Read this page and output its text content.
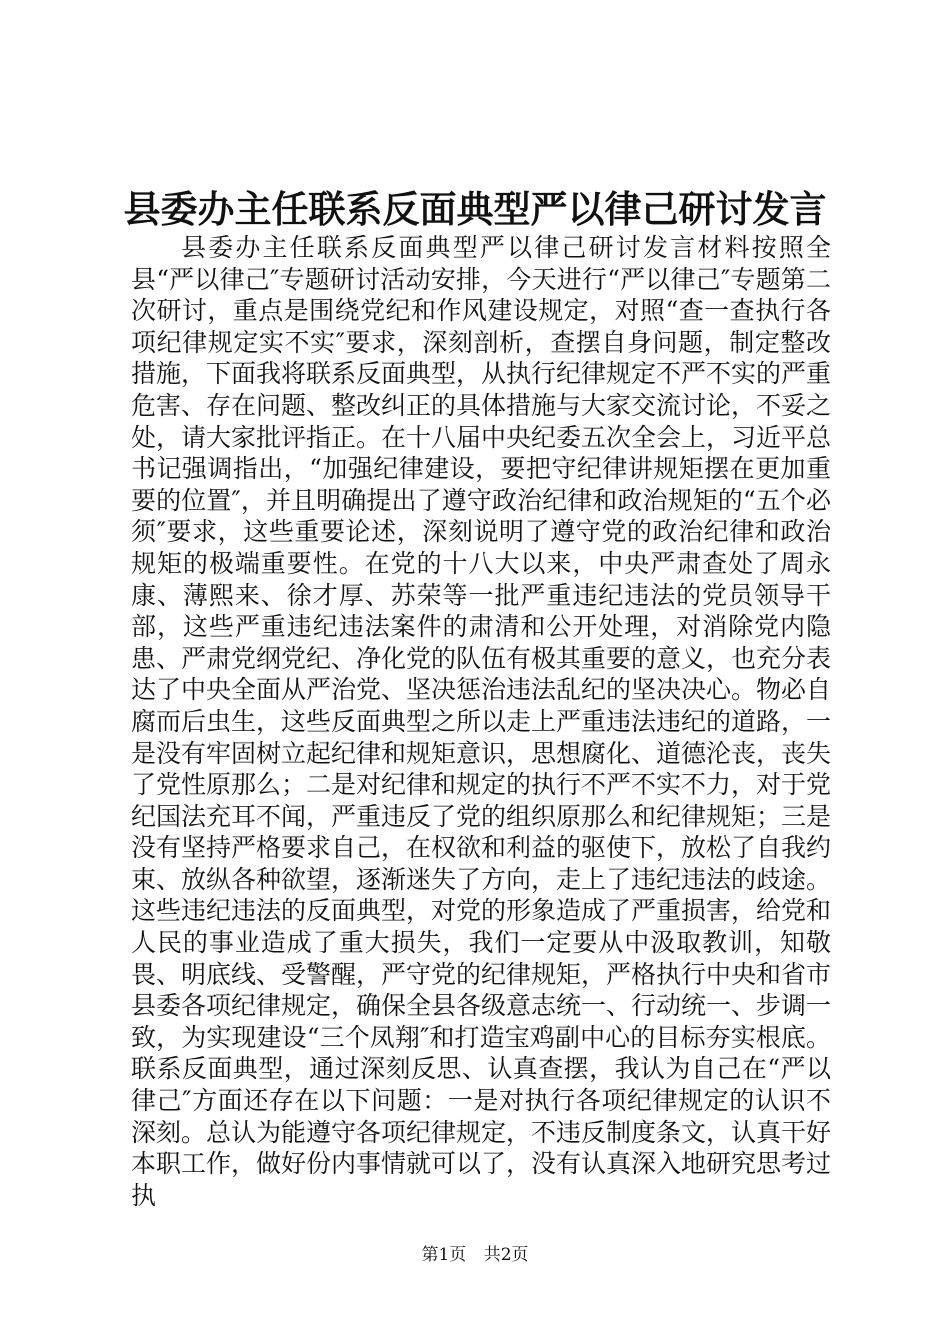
县委办主任联系反面典型严以律己研讨发言

县委办主任联系反面典型严以律己研讨发言材料按照全县“严以律己″专题研讨活动安排，今天进行“严以律己″专题第二次研讨，重点是围绕党纪和作风建设规定，对照“查一查执行各项纪律规定实不实″要求，深刻剖析，查摆自身问题，制定整改措施，下面我将联系反面典型，从执行纪律规定不严不实的严重危害、存在问题、整改纠正的具体措施与大家交流讨论，不妥之处，请大家批评指正。在十八届中央纪委五次全会上，习近平总书记强调指出，“加强纪律建设，要把守纪律讲规矩摆在更加重要的位置″，并且明确提出了遵守政治纪律和政治规矩的“五个必须″要求，这些重要论述，深刻说明了遵守党的政治纪律和政治规矩的极端重要性。在党的十八大以来，中央严肃查处了周永康、薄熙来、徐才厚、苏荣等一批严重违纪违法的党员领导干部，这些严重违纪违法案件的肃清和公开处理，对消除党内隐患、严肃党纲党纪、净化党的队伍有极其重要的意义，也充分表达了中央全面从严治党、坚决惩治违法乱纪的坚决决心。物必自腐而后虫生，这些反面典型之所以走上严重违法违纪的道路，一是没有牢固树立起纪律和规矩意识，思想腐化、道德沦丧，丧失了党性原那么；二是对纪律和规定的执行不严不实不力，对于党纪国法充耳不闻，严重违反了党的组织原那么和纪律规矩；三是没有坚持严格要求自己，在权欲和利益的驱使下，放松了自我约束、放纵各种欲望，逐渐迷失了方向，走上了违纪违法的歧途。这些违纪违法的反面典型，对党的形象造成了严重损害，给党和人民的事业造成了重大损失，我们一定要从中汲取教训，知敬畏、明底线、受警醒，严守党的纪律规矩，严格执行中央和省市县委各项纪律规定，确保全县各级意志统一、行动统一、步调一致，为实现建设“三个凤翔″和打造宝鸡副中心的目标夯实根底。联系反面典型，通过深刻反思、认真查摆，我认为自己在“严以律己″方面还存在以下问题：一是对执行各项纪律规定的认识不深刻。总认为能遵守各项纪律规定，不违反制度条文，认真干好本职工作，做好份内事情就可以了，没有认真深入地研究思考过执

第1页 共2页
